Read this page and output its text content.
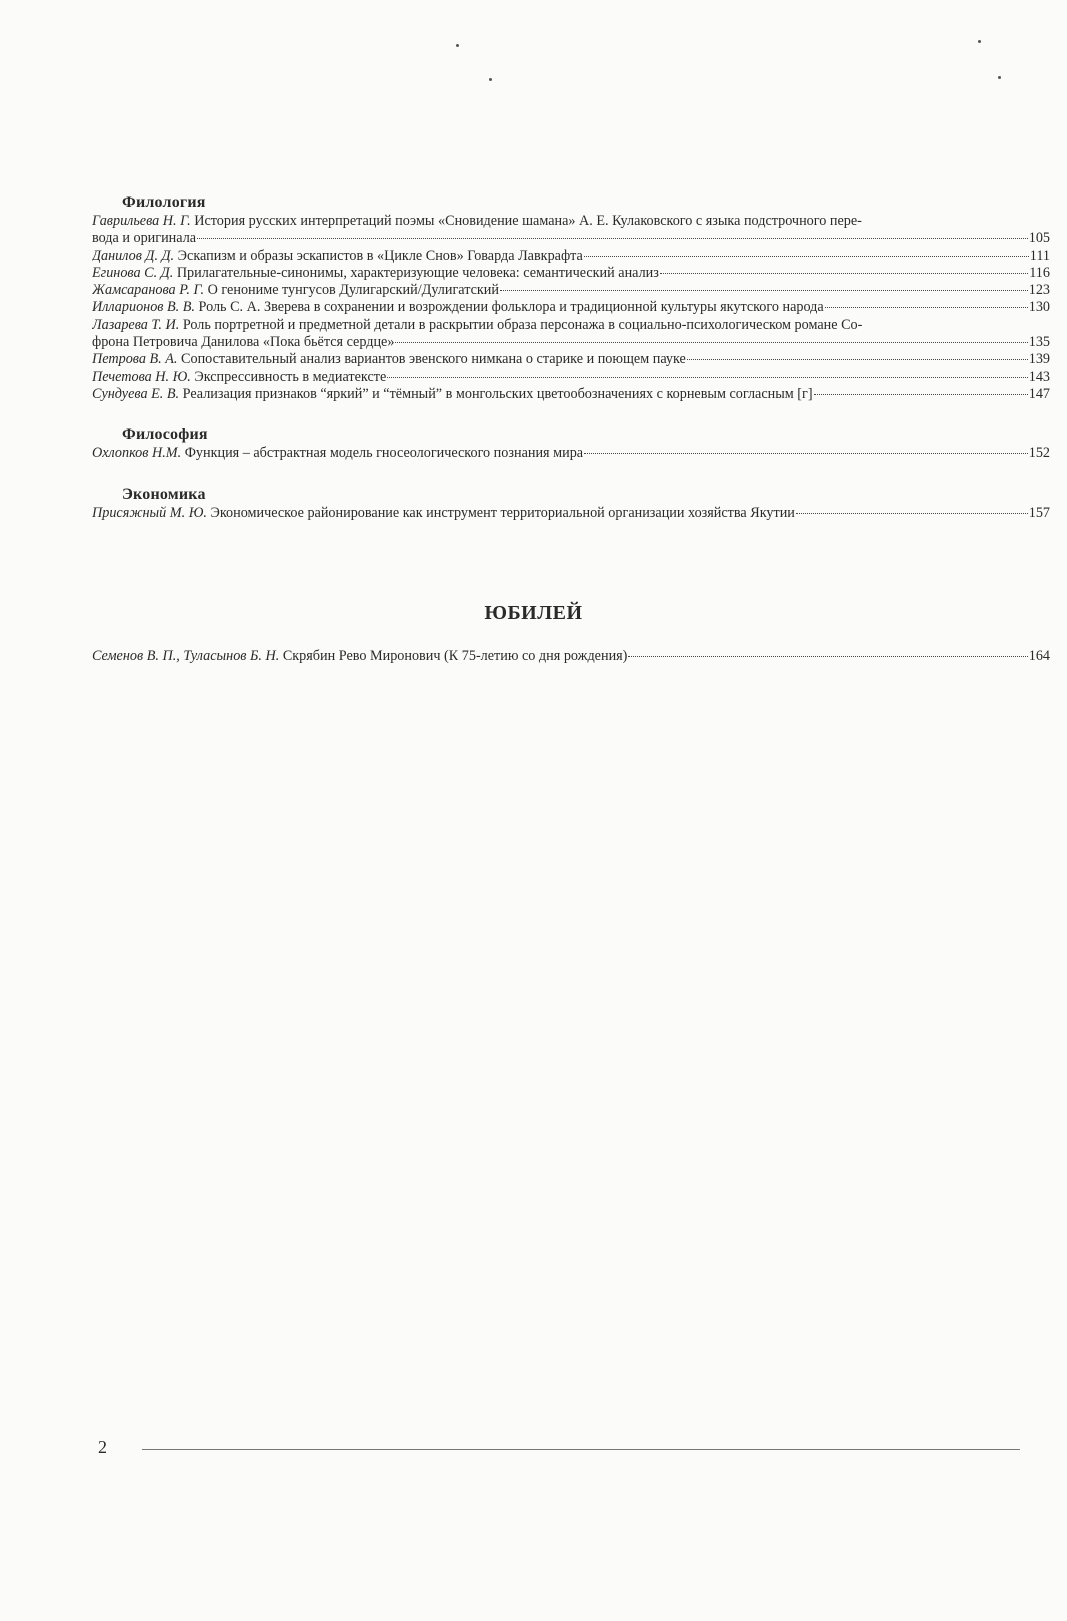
Филология
Гаврильева Н. Г. История русских интерпретаций поэмы «Сновидение шамана» А. Е. Кулаковского с языка подстрочного пере-
вода и оригинала	105
Данилов Д. Д. Эскапизм и образы эскапистов в «Цикле Снов» Говарда Лавкрафта	111
Егинова С. Д. Прилагательные-синонимы, характеризующие человека: семантический анализ	116
Жамсаранова Р. Г. О генониме тунгусов Дулигарский/Дулигатский	123
Илларионов В. В. Роль С. А. Зверева в сохранении и возрождении фольклора и традиционной культуры якутского народа	130
Лазарева Т. И. Роль портретной и предметной детали в раскрытии образа персонажа в социально-психологическом романе Со-
фрона Петровича Данилова «Пока бьётся сердце»	135
Петрова В. А. Сопоставительный анализ вариантов эвенского нимкана о старике и поющем пауке	139
Печетова Н. Ю. Экспрессивность в медиатексте	143
Сундуева Е. В. Реализация признаков “яркий” и “тёмный” в монгольских цветообозначениях с корневым согласным [г]	147
Философия
Охлопков Н.М. Функция – абстрактная модель гносеологического познания мира	152
Экономика
Присяжный М. Ю. Экономическое районирование как инструмент территориальной организации хозяйства Якутии	157
ЮБИЛЕЙ
Семенов В. П., Туласынов Б. Н. Скрябин Рево Миронович (К 75-летию со дня рождения)	164
2
